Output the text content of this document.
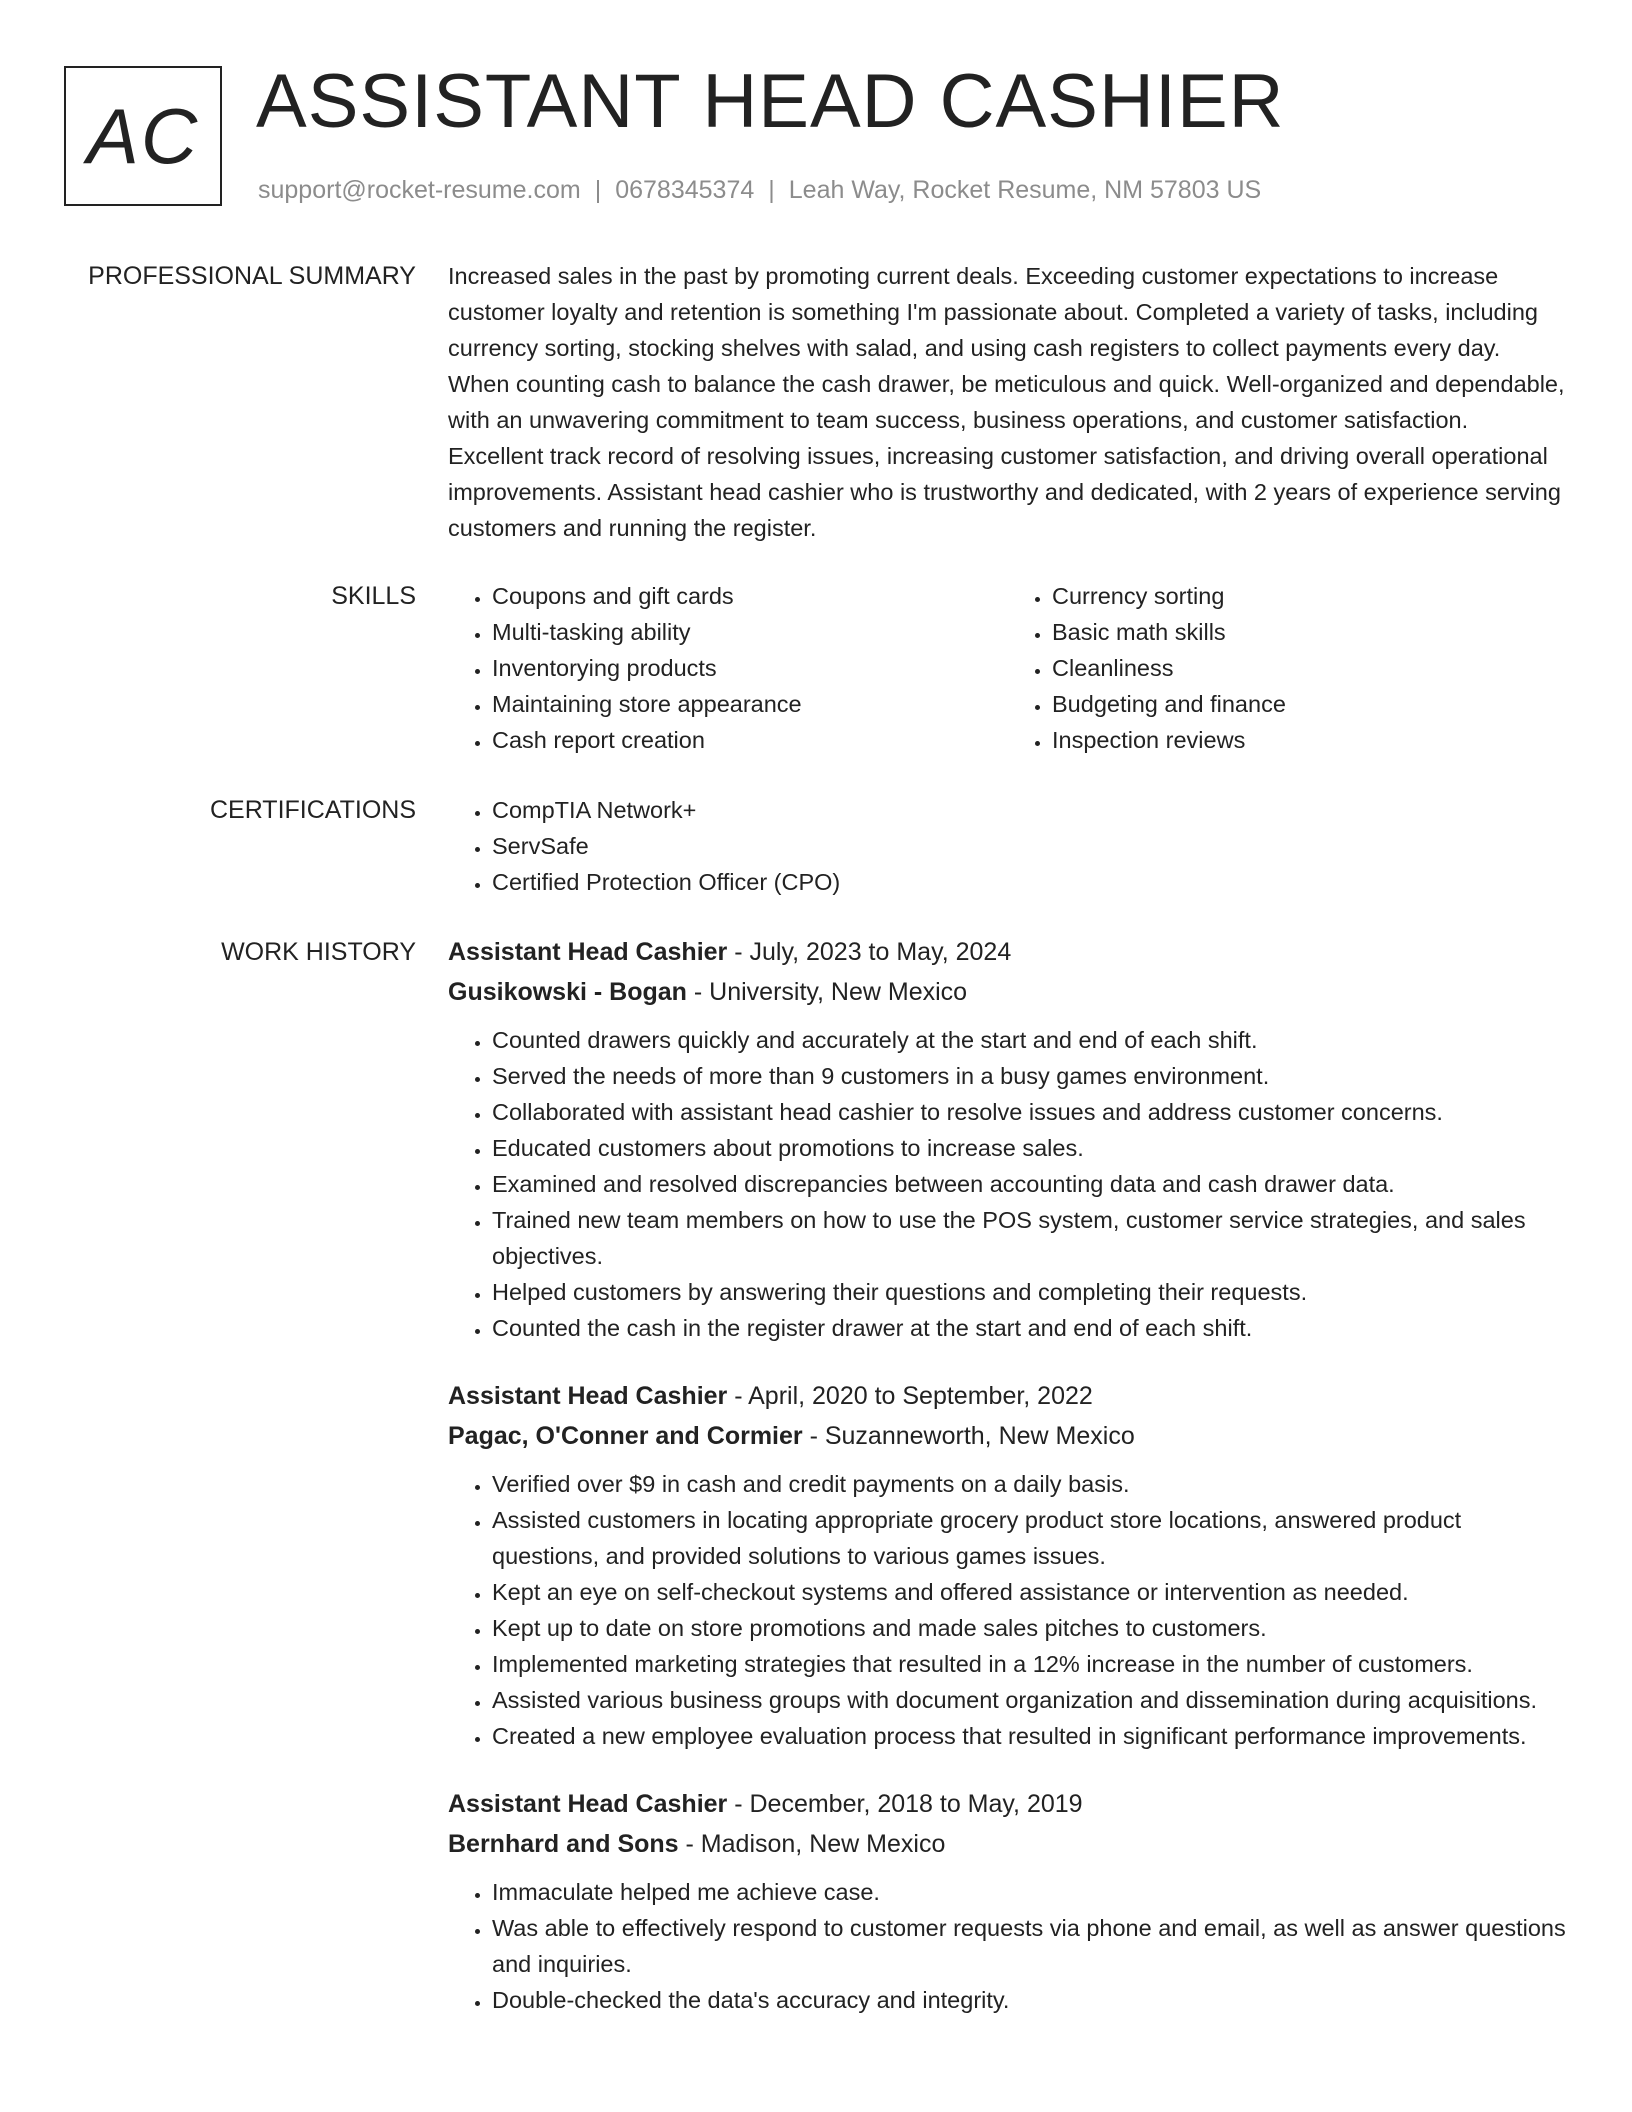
AC ASSISTANT HEAD CASHIER
support@rocket-resume.com | 0678345374 | Leah Way, Rocket Resume, NM 57803 US
PROFESSIONAL SUMMARY Increased sales in the past by promoting current deals. Exceeding customer expectations to increase customer loyalty and retention is something I'm passionate about. Completed a variety of tasks, including currency sorting, stocking shelves with salad, and using cash registers to collect payments every day. When counting cash to balance the cash drawer, be meticulous and quick. Well-organized and dependable, with an unwavering commitment to team success, business operations, and customer satisfaction. Excellent track record of resolving issues, increasing customer satisfaction, and driving overall operational improvements. Assistant head cashier who is trustworthy and dedicated, with 2 years of experience serving customers and running the register.

SKILLS	• Coupons and gift cards
• Multi-tasking ability
• Inventorying products
• Maintaining store appearance
• Cash report creation
• Currency sorting
• Basic math skills
• Cleanliness
• Budgeting and finance
• Inspection reviews
CERTIFICATIONS	• CompTIA Network+
• ServSafe
• Certified Protection Officer (CPO)
WORK HISTORY Assistant Head Cashier - July, 2023 to May, 2024
Gusikowski - Bogan - University, New Mexico
• Counted drawers quickly and accurately at the start and end of each shift.
• Served the needs of more than 9 customers in a busy games environment.
• Collaborated with assistant head cashier to resolve issues and address customer concerns.
• Educated customers about promotions to increase sales.
• Examined and resolved discrepancies between accounting data and cash drawer data.
• Trained new team members on how to use the POS system, customer service strategies, and sales objectives.
• Helped customers by answering their questions and completing their requests.
• Counted the cash in the register drawer at the start and end of each shift.
Assistant Head Cashier - April, 2020 to September, 2022
Pagac, O'Conner and Cormier - Suzanneworth, New Mexico
• Verified over $9 in cash and credit payments on a daily basis.
• Assisted customers in locating appropriate grocery product store locations, answered product questions, and provided solutions to various games issues.
• Kept an eye on self-checkout systems and offered assistance or intervention as needed.
• Kept up to date on store promotions and made sales pitches to customers.
• Implemented marketing strategies that resulted in a 12% increase in the number of customers.
• Assisted various business groups with document organization and dissemination during acquisitions.
• Created a new employee evaluation process that resulted in significant performance improvements.
Assistant Head Cashier - December, 2018 to May, 2019
Bernhard and Sons - Madison, New Mexico
• Immaculate helped me achieve case.
• Was able to effectively respond to customer requests via phone and email, as well as answer questions and inquiries.
• Double-checked the data's accuracy and integrity.
